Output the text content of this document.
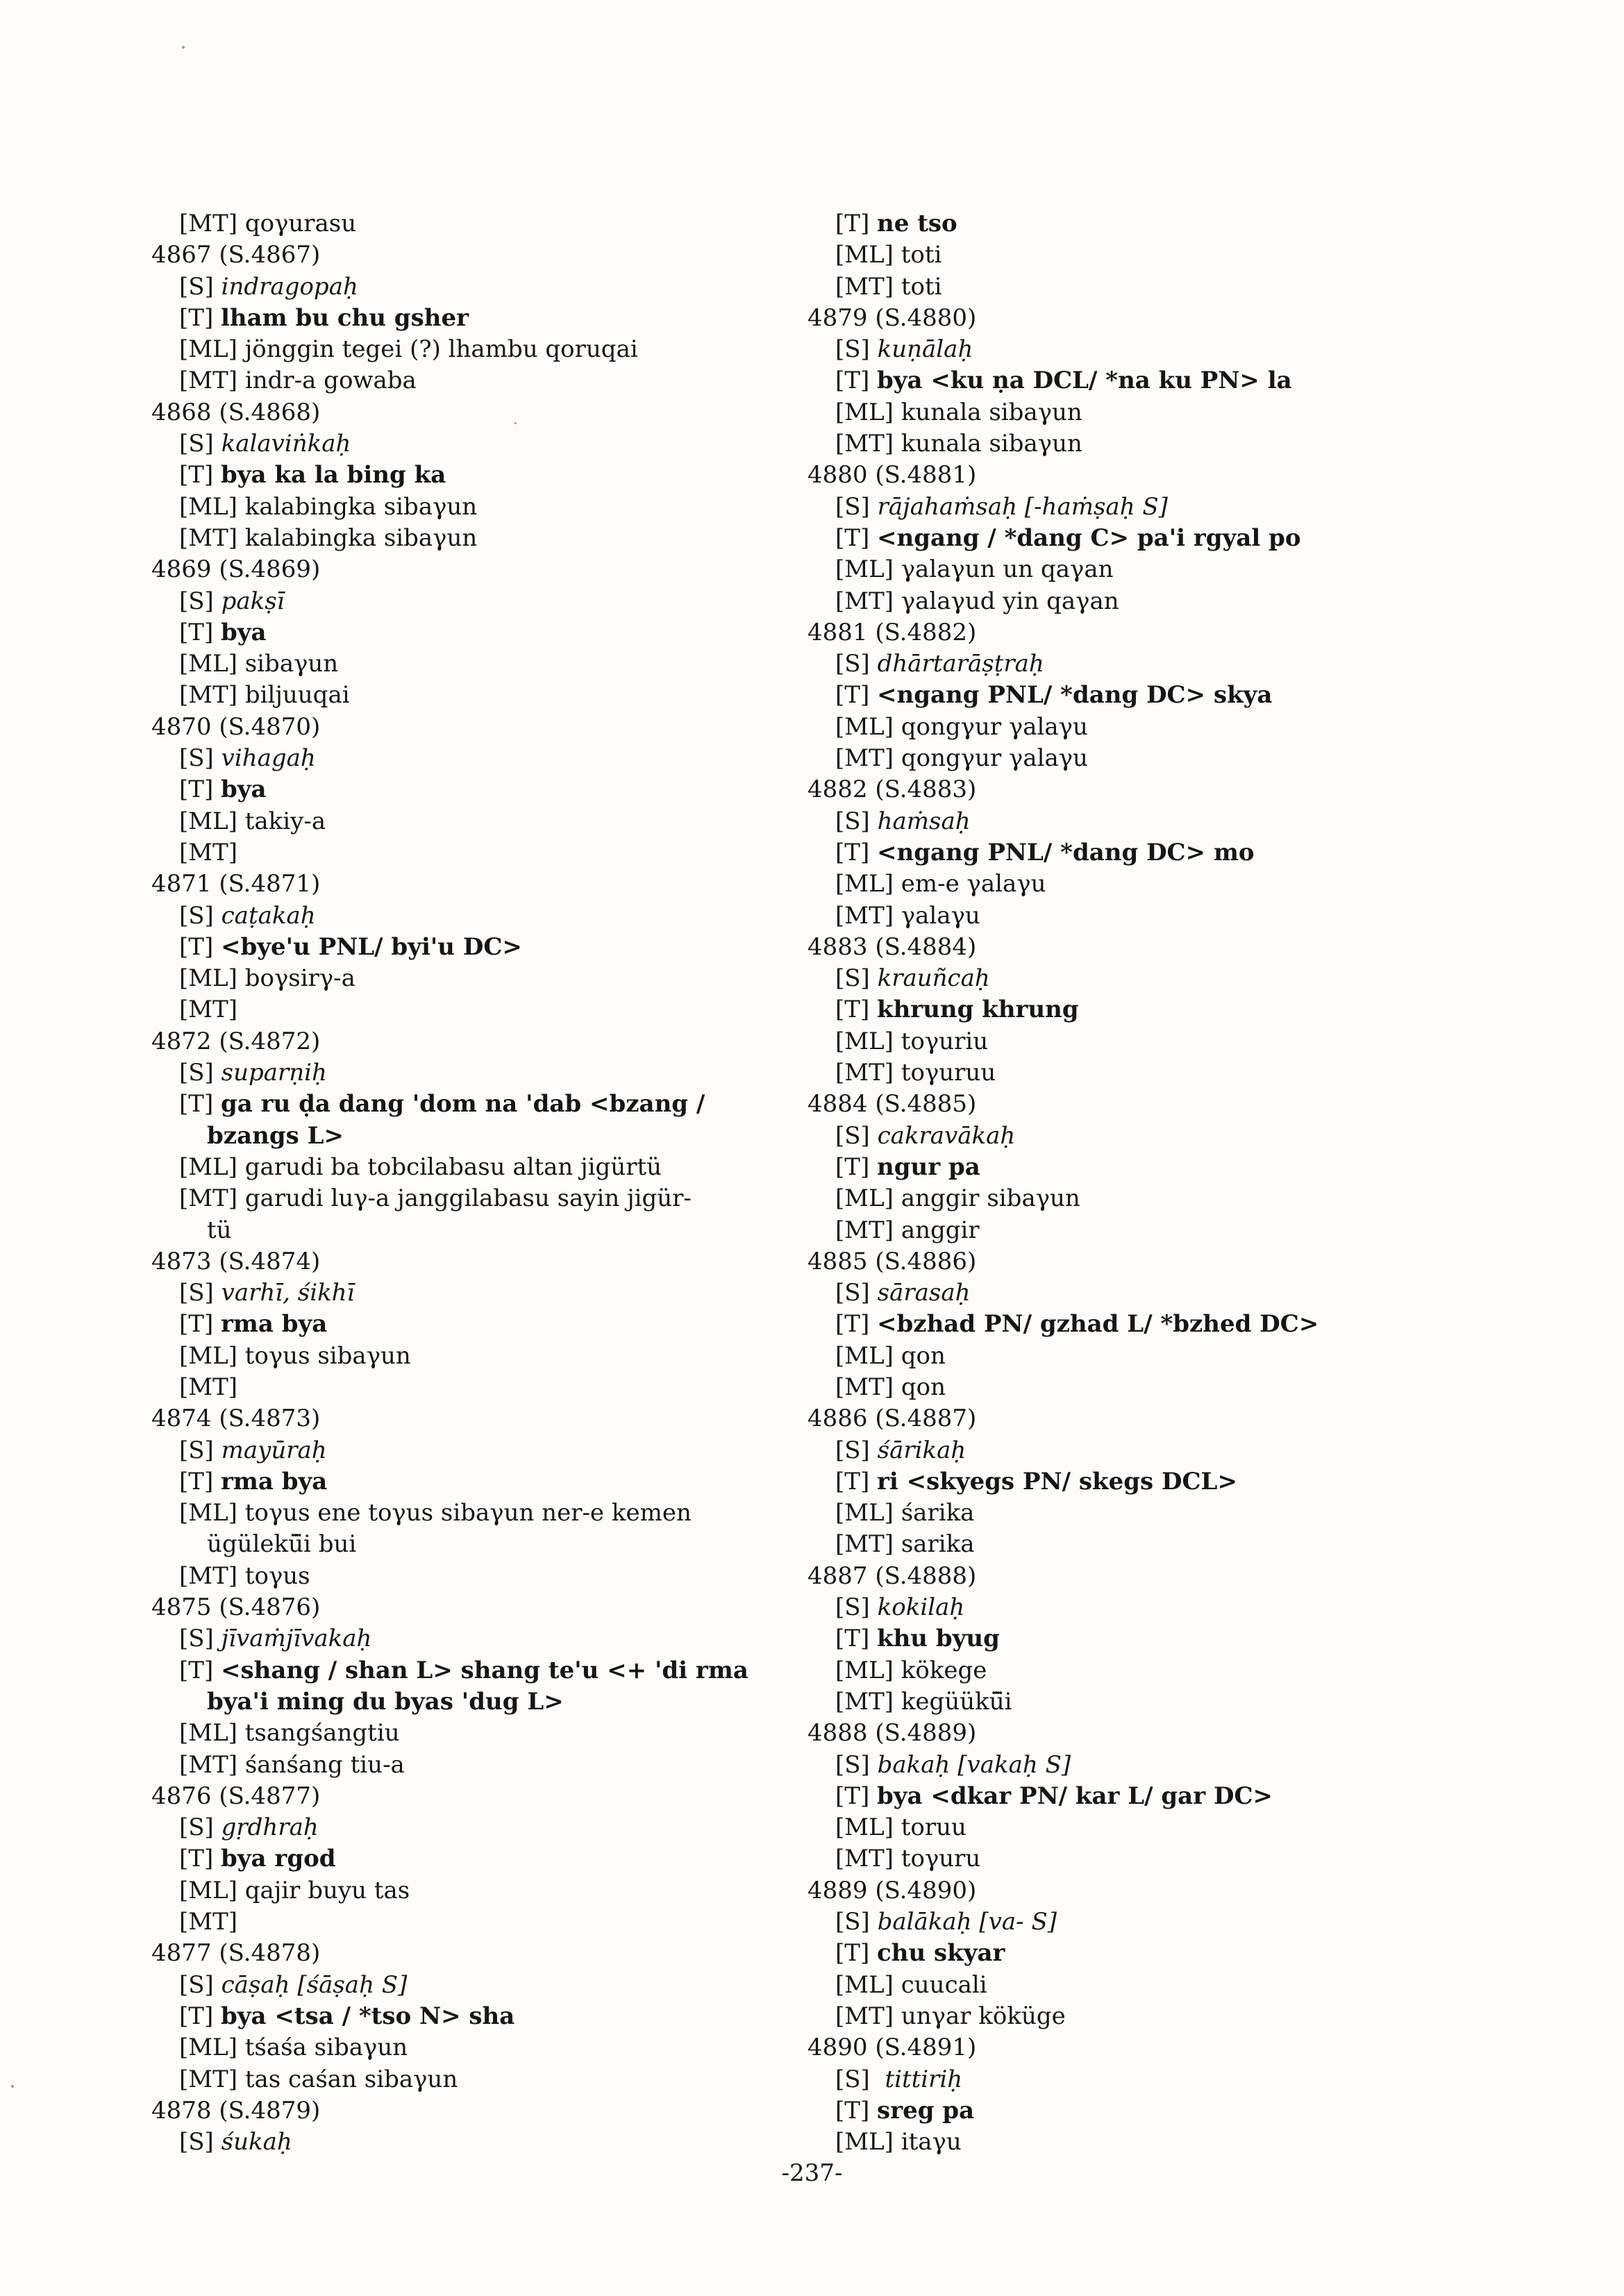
[MT] qoγurasu
4867 (S.4867)
[S] indragopaḥ
[T] lham bu chu gsher
[ML] jönggin tegei (?) lhambu qoruqai
[MT] indr-a gowaba
4868 (S.4868)
[S] kalaviṅkaḥ
[T] bya ka la bing ka
[ML] kalabingka sibaγun
[MT] kalabingka sibaγun
4869 (S.4869)
[S] pakṣī
[T] bya
[ML] sibaγun
[MT] biljuuqai
4870 (S.4870)
[S] vihagaḥ
[T] bya
[ML] takiy-a
[MT]
4871 (S.4871)
[S] caṭakaḥ
[T] <bye'u PNL/ byi'u DC>
[ML] boγsirγ-a
[MT]
4872 (S.4872)
[S] suparṇiḥ
[T] ga ru ḍa dang 'dom na 'dab <bzang /
bzangs L>
[ML] garudi ba tobcilabasu altan jigürtü
[MT] garudi luγ-a janggilabasu sayin jigür-
tü
4873 (S.4874)
[S] varhī, śikhī
[T] rma bya
[ML] toγus sibaγun
[MT]
4874 (S.4873)
[S] mayūraḥ
[T] rma bya
[ML] toγus ene toγus sibaγun ner-e kemen
ügülekü̈i bui
[MT] toγus
4875 (S.4876)
[S] jīvaṁjīvakaḥ
[T] <shang / shan L> shang te'u <+ 'di rma
bya'i ming du byas 'dug L>
[ML] tsangśangtiu
[MT] śanśang tiu-a
4876 (S.4877)
[S] gṛdhraḥ
[T] bya rgod
[ML] qajir buyu tas
[MT]
4877 (S.4878)
[S] cāṣaḥ [śāṣaḥ S]
[T] bya <tsa / *tso N> sha
[ML] tśaśa sibaγun
[MT] tas caśan sibaγun
4878 (S.4879)
[S] śukaḥ
[T] ne tso
[ML] toti
[MT] toti
4879 (S.4880)
[S] kuṇālaḥ
[T] bya <ku ṇa DCL/ *na ku PN> la
[ML] kunala sibaγun
[MT] kunala sibaγun
4880 (S.4881)
[S] rājahaṁsaḥ [-haṁṣaḥ S]
[T] <ngang / *dang C> pa'i rgyal po
[ML] γalaγun un qaγan
[MT] γalaγud yin qaγan
4881 (S.4882)
[S] dhārtarāṣṭraḥ
[T] <ngang PNL/ *dang DC> skya
[ML] qongγur γalaγu
[MT] qongγur γalaγu
4882 (S.4883)
[S] haṁsaḥ
[T] <ngang PNL/ *dang DC> mo
[ML] em-e γalaγu
[MT] γalaγu
4883 (S.4884)
[S] krauñcaḥ
[T] khrung khrung
[ML] toγuriu
[MT] toγuruu
4884 (S.4885)
[S] cakravākaḥ
[T] ngur pa
[ML] anggir sibaγun
[MT] anggir
4885 (S.4886)
[S] sārasaḥ
[T] <bzhad PN/ gzhad L/ *bzhed DC>
[ML] qon
[MT] qon
4886 (S.4887)
[S] śārikaḥ
[T] ri <skyegs PN/ skegs DCL>
[ML] śarika
[MT] sarika
4887 (S.4888)
[S] kokilaḥ
[T] khu byug
[ML] kökege
[MT] kegüükü̈i
4888 (S.4889)
[S] bakaḥ [vakaḥ S]
[T] bya <dkar PN/ kar L/ gar DC>
[ML] toruu
[MT] toγuru
4889 (S.4890)
[S] balākaḥ [va- S]
[T] chu skyar
[ML] cuucali
[MT] unγar köküge
4890 (S.4891)
[S]  tittiriḥ
[T] sreg pa
[ML] itaγu
-237-
